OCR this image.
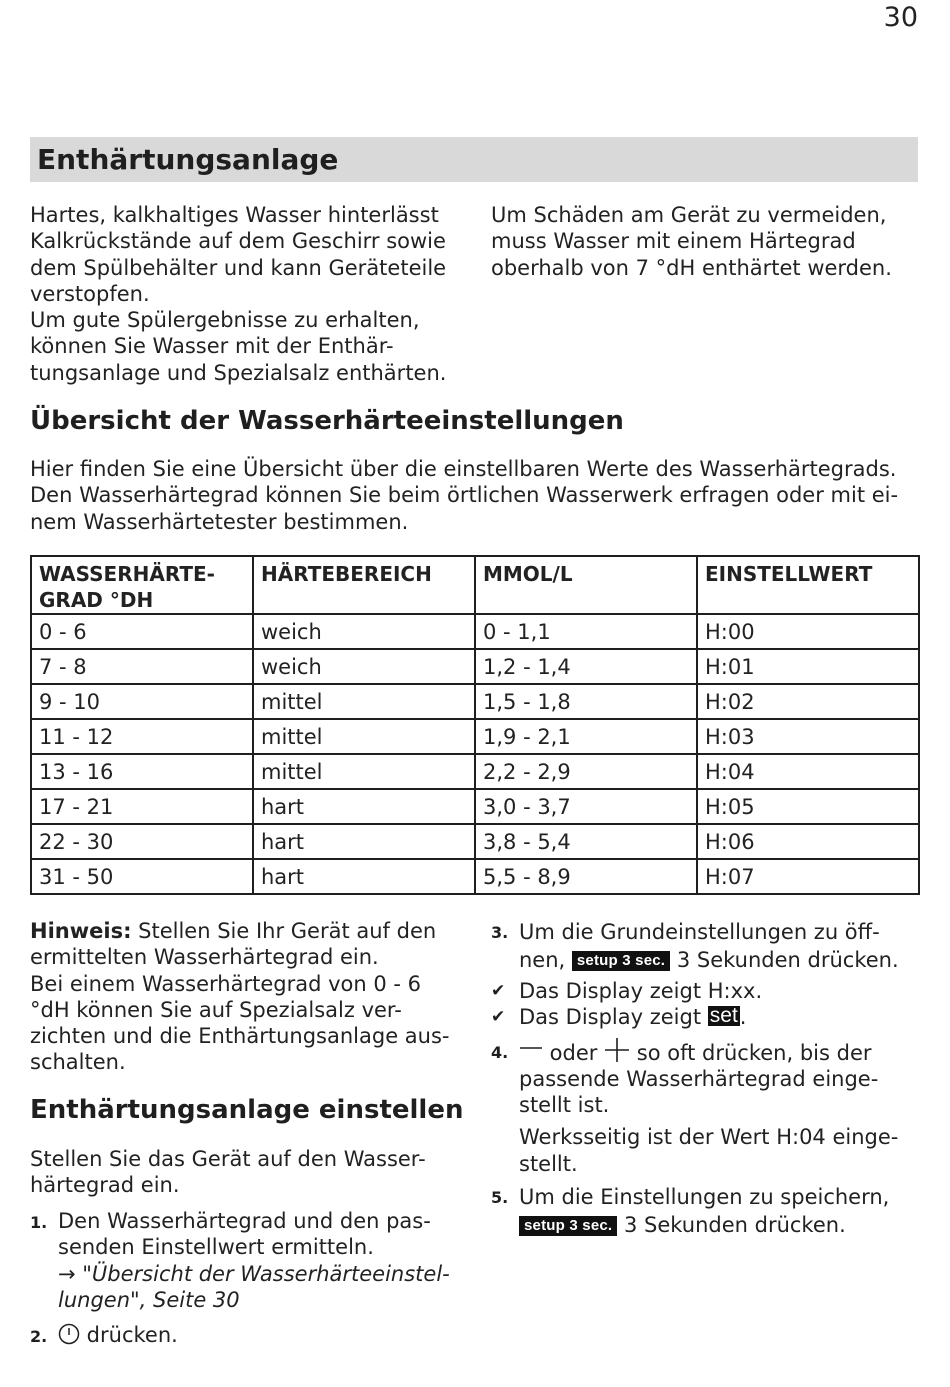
30
Enthärtungsanlage

Hartes, kalkhaltiges Wasser hinterlässt Kalkrückstände auf dem Geschirr sowie dem Spülbehälter und kann Geräteteile verstopfen.

Um gute Spülergebnisse zu erhalten, können Sie Wasser mit der Enthär-tungsanlage und Spezialsalz enthärten.

Um Schäden am Gerät zu vermeiden, muss Wasser mit einem Härtegrad oberhalb von 7 °dH enthärtet werden.

Übersicht der Wasserhärteeinstellungen

Hier finden Sie eine Übersicht über die einstellbaren Werte des Wasserhärtegrads. Den Wasserhärtegrad können Sie beim örtlichen Wasserwerk erfragen oder mit ei-nem Wasserhärtetester bestimmen.

WASSERHÄRTE-GRAD °DH	HÄRTEBEREICH	MMOL/L	EINSTELLWERT
0 - 6	weich	0 - 1,1	H:00
7 - 8	weich	1,2 - 1,4	H:01
9 - 10	mittel	1,5 - 1,8	H:02
11 - 12	mittel	1,9 - 2,1	H:03
13 - 16	mittel	2,2 - 2,9	H:04
17 - 21	hart	3,0 - 3,7	H:05
22 - 30	hart	3,8 - 5,4	H:06
31 - 50	hart	5,5 - 8,9	H:07

Hinweis: Stellen Sie Ihr Gerät auf den ermittelten Wasserhärtegrad ein.

Bei einem Wasserhärtegrad von 0 - 6 °dH können Sie auf Spezialsalz ver-zichten und die Enthärtungsanlage aus-schalten.

Enthärtungsanlage einstellen

Stellen Sie das Gerät auf den Wasser-härtegrad ein.

1. Den Wasserhärtegrad und den pas-senden Einstellwert ermitteln.
→ "Übersicht der Wasserhärteeinstel-lungen", Seite 30
2.	drücken.
3. Um die Grundeinstellungen zu öff-nen, setup 3 sec. 3 Sekunden drücken.
✔ Das Display zeigt H:xx.
✔ Das Display zeigt set.
4.	oder  so oft drücken, bis der passende Wasserhärtegrad einge-stellt ist.
Werksseitig ist der Wert H:04 einge-stellt.
5. Um die Einstellungen zu speichern, setup 3 sec. 3 Sekunden drücken.
